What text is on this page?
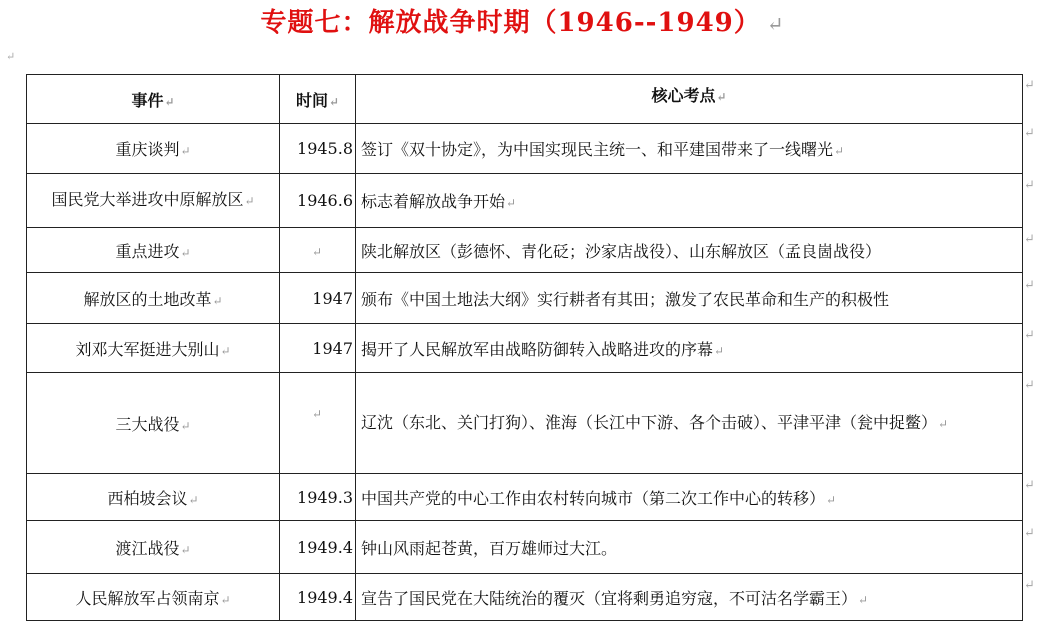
专题七：解放战争时期（1946--1949） ↵
↵
事件↵	时间↵	核心考点↵
重庆谈判↵	1945.8	签订《双十协定》，为中国实现民主统一、和平建国带来了一线曙光↵
国民党大举进攻中原解放区↵	1946.6	标志着解放战争开始↵
重点进攻↵	↵	陕北解放区（彭德怀、青化砭；沙家店战役）、山东解放区（孟良崮战役）
解放区的土地改革↵	1947	颁布《中国土地法大纲》实行耕者有其田；激发了农民革命和生产的积极性
刘邓大军挺进大别山↵	1947	揭开了人民解放军由战略防御转入战略进攻的序幕↵
三大战役↵	↵	辽沈（东北、关门打狗）、淮海（长江中下游、各个击破）、平津平津（瓮中捉鳖）↵
西柏坡会议↵	1949.3	中国共产党的中心工作由农村转向城市（第二次工作中心的转移）↵
渡江战役↵	1949.4	钟山风雨起苍黄，百万雄师过大江。
人民解放军占领南京↵	1949.4	宣告了国民党在大陆统治的覆灭（宜将剩勇追穷寇，不可沽名学霸王）↵
↵
↵
↵
↵
↵
↵
↵
↵
↵
↵
